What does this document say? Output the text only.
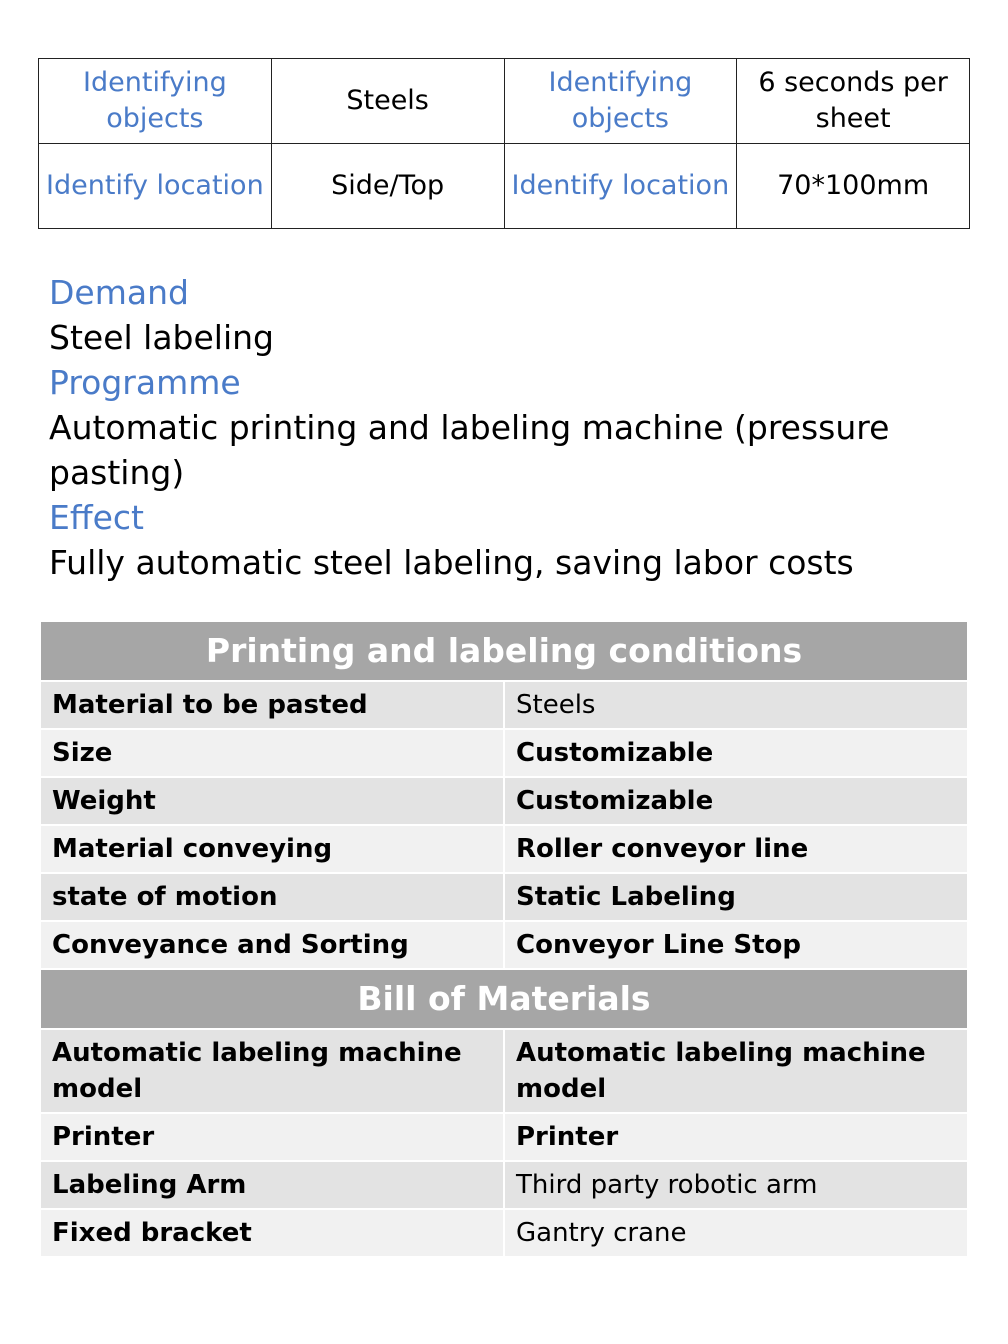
Identifying objects	Steels	Identifying objects	6 seconds per sheet
Identify location	Side/Top	Identify location	70*100mm
Demand
Steel labeling
Programme
Automatic printing and labeling machine (pressure pasting)
Effect
Fully automatic steel labeling, saving labor costs
Printing and labeling conditions	
Material to be pasted	Steels
Size	Customizable
Weight	Customizable
Material conveying	Roller conveyor line
state of motion	Static Labeling
Conveyance and Sorting	Conveyor Line Stop
Bill of Materials	
Automatic labeling machine model	Automatic labeling machine model
Printer	Printer
Labeling Arm	Third party robotic arm
Fixed bracket	Gantry crane
